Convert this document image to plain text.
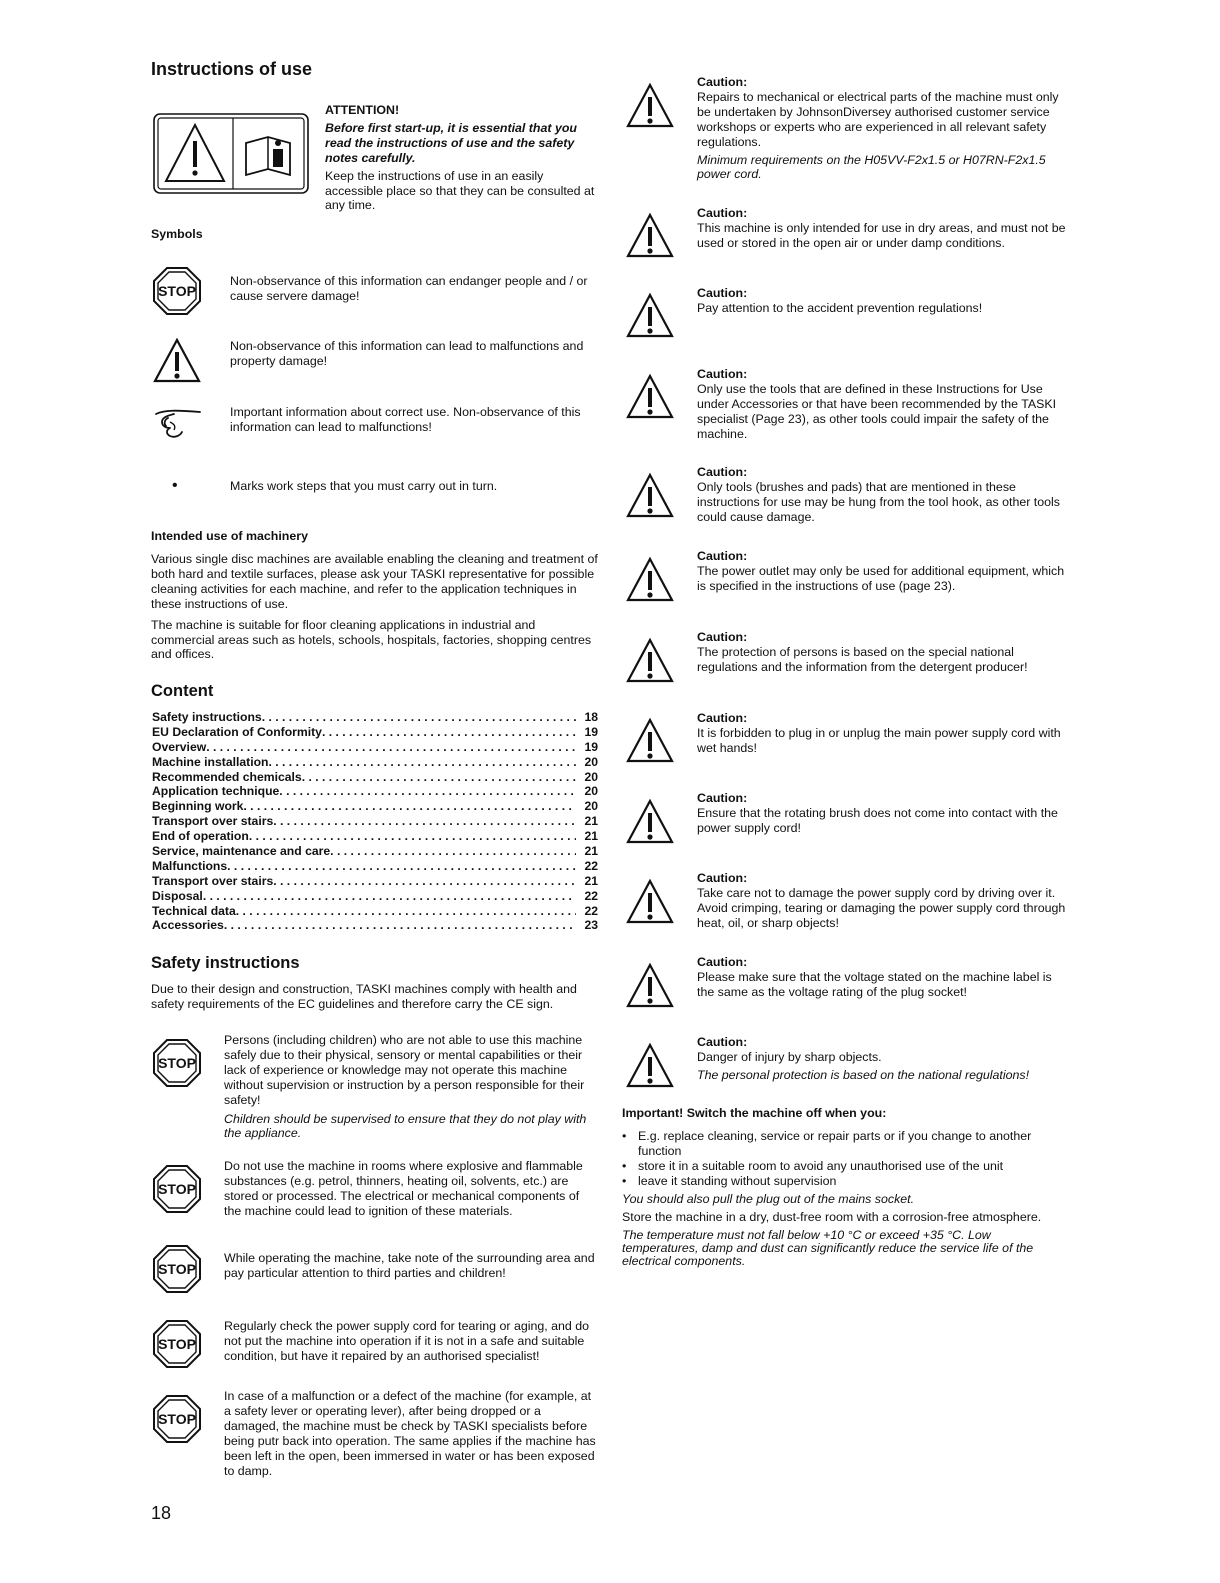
Instructions of use

ATTENTION!

Before first start-up, it is essential that you read the instructions of use and the safety notes carefully.

Keep the instructions of use in an easily accessible place so that they can be consulted at any time.

Symbols
Non-observance of this information can endanger people and / or cause servere damage!
Non-observance of this information can lead to malfunctions and property damage!
Important information about correct use. Non-observance of this information can lead to malfunctions!
•	Marks work steps that you must carry out in turn.
Intended use of machinery

Various single disc machines are available enabling the cleaning and treatment of both hard and textile surfaces, please ask your TASKI representative for possible cleaning activities for each machine, and refer to the application techniques in these instructions of use.

The machine is suitable for floor cleaning applications in industrial and commercial areas such as hotels, schools, hospitals, factories, shopping centres and offices.

Content
Safety instructions . . .	18
EU Declaration of Conformity . . .	19
Overview . . .	19
Machine installation . . .	20
Recommended chemicals . . .	20
Application technique . . .	20
Beginning work . . .	20
Transport over stairs . . .	21
End of operation . . .	21
Service, maintenance and care . . .	21
Malfunctions . . .	22
Transport over stairs . . .	21
Disposal . . .	22
Technical data . . .	22
Accessories . . .	23
Safety instructions
Due to their design and construction, TASKI machines comply with health and safety requirements of the EC guidelines and therefore carry the CE sign.

Persons (including children) who are not able to use this machine safely due to their physical, sensory or mental capabilities or their lack of experience or knowledge may not operate this machine without supervision or instruction by a person responsible for their safety!

Children should be supervised to ensure that they do not play with the appliance.

Do not use the machine in rooms where explosive and flammable substances (e.g. petrol, thinners, heating oil, solvents, etc.) are stored or processed. The electrical or mechanical components of the machine could lead to ignition of these materials.
While operating the machine, take note of the surrounding area and pay particular attention to third parties and children!
Regularly check the power supply cord for tearing or aging, and do not put the machine into operation if it is not in a safe and suitable condition, but have it repaired by an authorised specialist!
In case of a malfunction or a defect of the machine (for example, at a safety lever or operating lever), after being dropped or a damaged, the machine must be check by TASKI specialists before being putr back into operation. The same applies if the machine has been left in the open, been immersed in water or has been exposed to damp.
18
Caution:
Repairs to mechanical or electrical parts of the machine must only be undertaken by JohnsonDiversey authorised customer service workshops or experts who are experienced in all relevant safety regulations.
Minimum requirements on the H05VV-F2x1.5 or H07RN-F2x1.5 power cord.
Caution:
This machine is only intended for use in dry areas, and must not be used or stored in the open air or under damp conditions.
Caution:
Pay attention to the accident prevention regulations!
Caution:
Only use the tools that are defined in these Instructions for Use under Accessories or that have been recommended by the TASKI specialist (Page 23), as other tools could impair the safety of the machine.
Caution:
Only tools (brushes and pads) that are mentioned in these instructions for use may be hung from the tool hook, as other tools could cause damage.
Caution:
The power outlet may only be used for additional equipment, which is specified in the instructions of use (page 23).
Caution:
The protection of persons is based on the special national regulations and the information from the detergent producer!
Caution:
It is forbidden to plug in or unplug the main power supply cord with wet hands!
Caution:
Ensure that the rotating brush does not come into contact with the power supply cord!
Caution:
Take care not to damage the power supply cord by driving over it. Avoid crimping, tearing or damaging the power supply cord through heat, oil, or sharp objects!
Caution:
Please make sure that the voltage stated on the machine label is the same as the voltage rating of the plug socket!
Caution:
Danger of injury by sharp objects.
The personal protection is based on the national regulations!

Important! Switch the machine off when you:

• E.g. replace cleaning, service or repair parts or if you change to another function
• store it in a suitable room to avoid any unauthorised use of the unit
• leave it standing without supervision

You should also pull the plug out of the mains socket.

Store the machine in a dry, dust-free room with a corrosion-free atmosphere.

The temperature must not fall below +10 °C or exceed +35 °C. Low temperatures, damp and dust can significantly reduce the service life of the electrical components.
